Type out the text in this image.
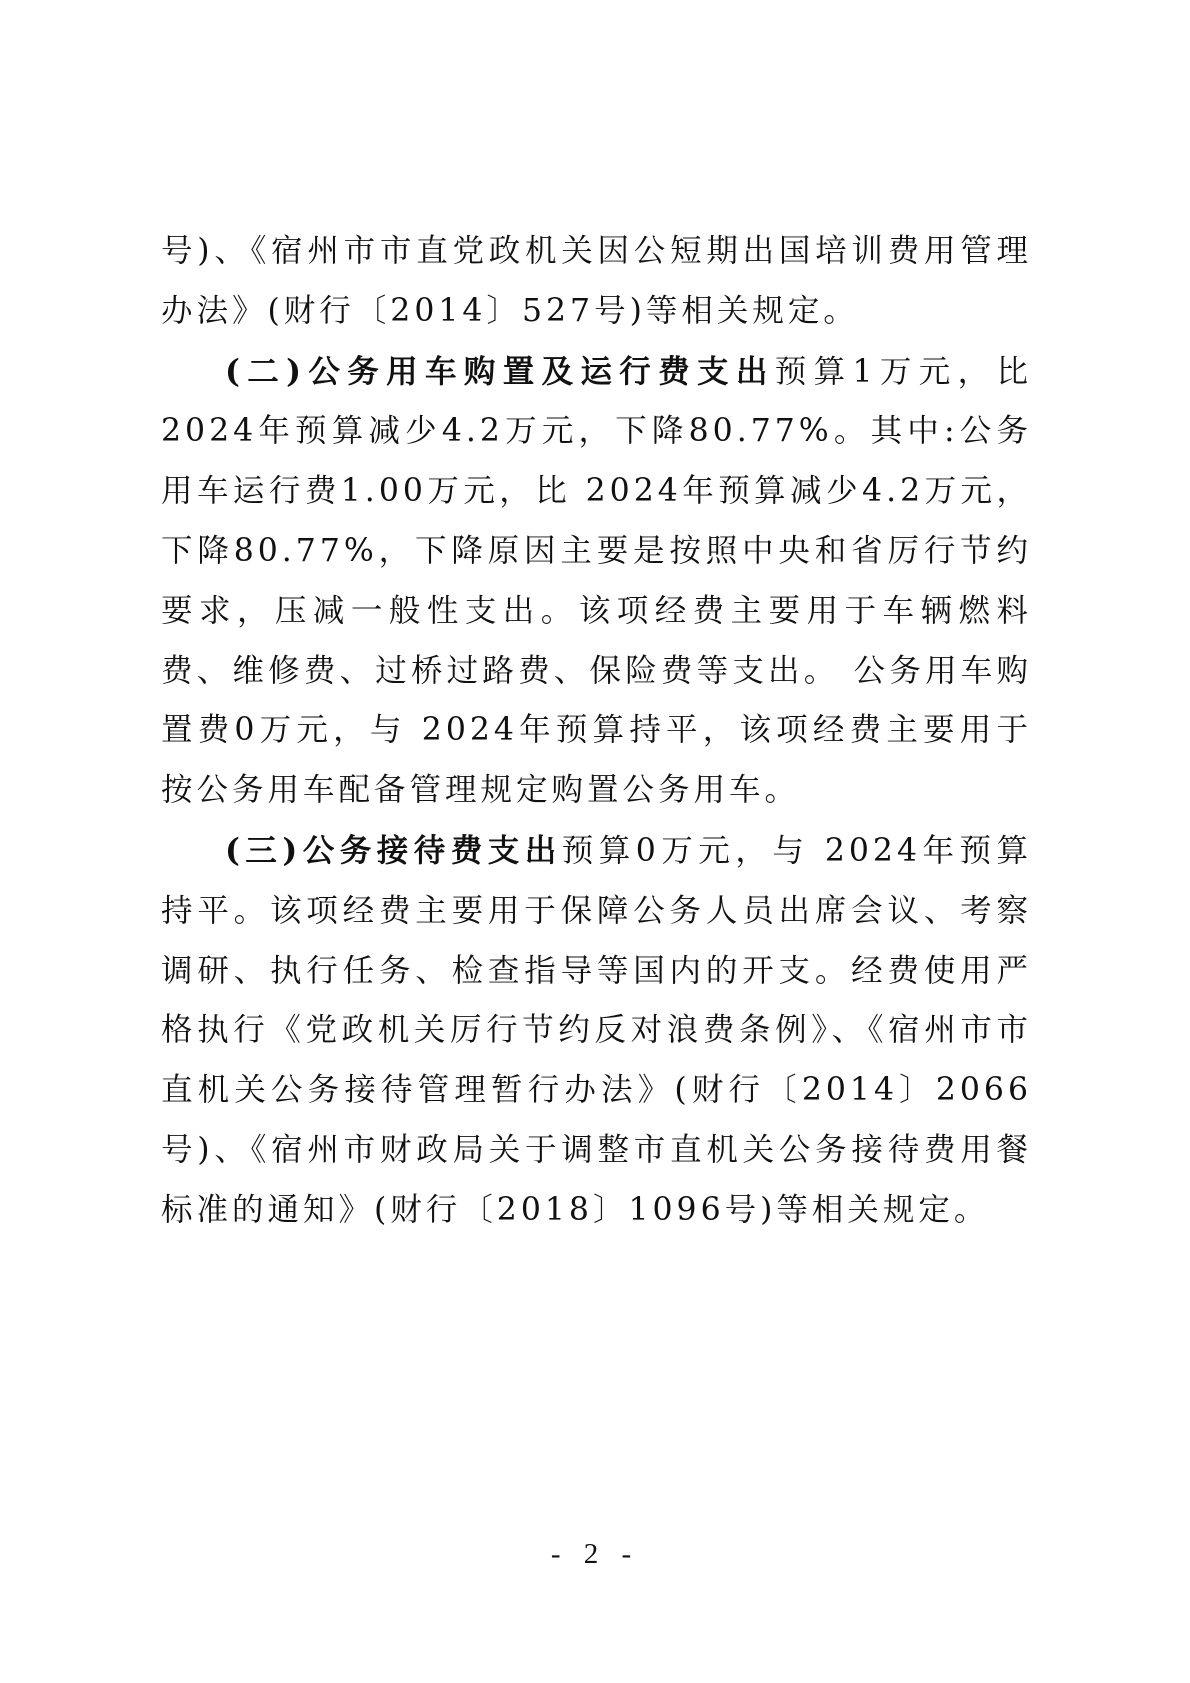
号)、《宿州市市直党政机关因公短期出国培训费用管理办法》(财行〔2014〕527号)等相关规定。

(二)公务用车购置及运行费支出预算1万元，比2024年预算减少4.2万元，下降80.77%。其中:公务用车运行费1.00万元，比 2024年预算减少4.2万元，下降80.77%，下降原因主要是按照中央和省厉行节约要求，压减一般性支出。该项经费主要用于车辆燃料费、维修费、过桥过路费、保险费等支出。 公务用车购置费0万元，与 2024年预算持平，该项经费主要用于按公务用车配备管理规定购置公务用车。

(三)公务接待费支出预算0万元，与 2024年预算持平。该项经费主要用于保障公务人员出席会议、考察调研、执行任务、检查指导等国内的开支。经费使用严格执行《党政机关厉行节约反对浪费条例》、《宿州市市直机关公务接待管理暂行办法》(财行〔2014〕2066号)、《宿州市财政局关于调整市直机关公务接待费用餐标准的通知》(财行〔2018〕1096号)等相关规定。

- 2 -
